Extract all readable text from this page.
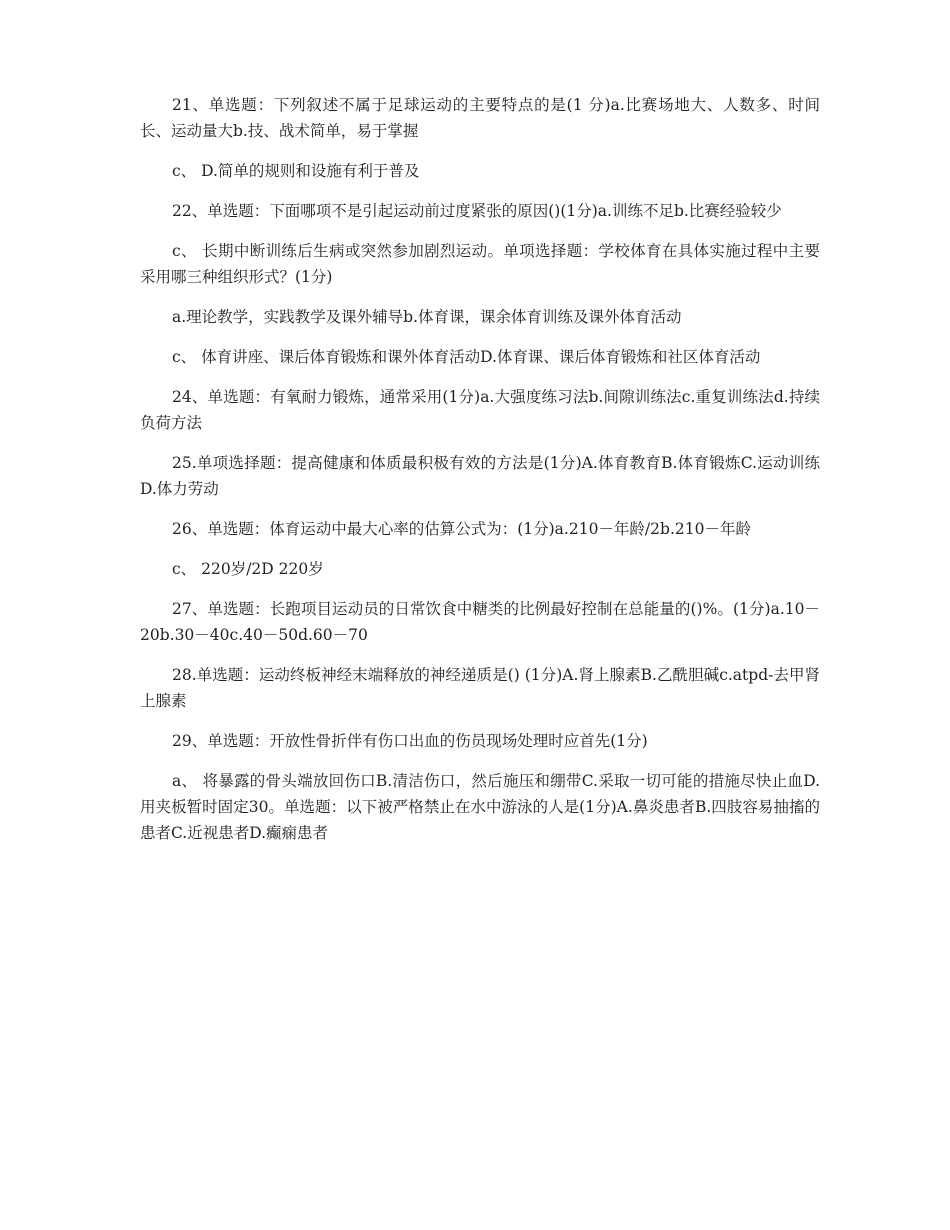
21、单选题：下列叙述不属于足球运动的主要特点的是(1 分)a.比赛场地大、人数多、时间长、运动量大b.技、战术简单，易于掌握

c、 D.简单的规则和设施有利于普及

22、单选题：下面哪项不是引起运动前过度紧张的原因()(1分)a.训练不足b.比赛经验较少

c、 长期中断训练后生病或突然参加剧烈运动。单项选择题：学校体育在具体实施过程中主要采用哪三种组织形式？(1分)

a.理论教学，实践教学及课外辅导b.体育课，课余体育训练及课外体育活动

c、 体育讲座、课后体育锻炼和课外体育活动D.体育课、课后体育锻炼和社区体育活动

24、单选题：有氧耐力锻炼，通常采用(1分)a.大强度练习法b.间隙训练法c.重复训练法d.持续负荷方法

25.单项选择题：提高健康和体质最积极有效的方法是(1分)A.体育教育B.体育锻炼C.运动训练D.体力劳动

26、单选题：体育运动中最大心率的估算公式为：(1分)a.210－年龄/2b.210－年龄

c、 220岁/2D 220岁

27、单选题：长跑项目运动员的日常饮食中糖类的比例最好控制在总能量的()%。(1分)a.10－20b.30－40c.40－50d.60－70

28.单选题：运动终板神经末端释放的神经递质是() (1分)A.肾上腺素B.乙酰胆碱c.atpd-去甲肾上腺素

29、单选题：开放性骨折伴有伤口出血的伤员现场处理时应首先(1分)

a、 将暴露的骨头端放回伤口B.清洁伤口，然后施压和绷带C.采取一切可能的措施尽快止血D.用夹板暂时固定30。单选题：以下被严格禁止在水中游泳的人是(1分)A.鼻炎患者B.四肢容易抽搐的患者C.近视患者D.癫痫患者
